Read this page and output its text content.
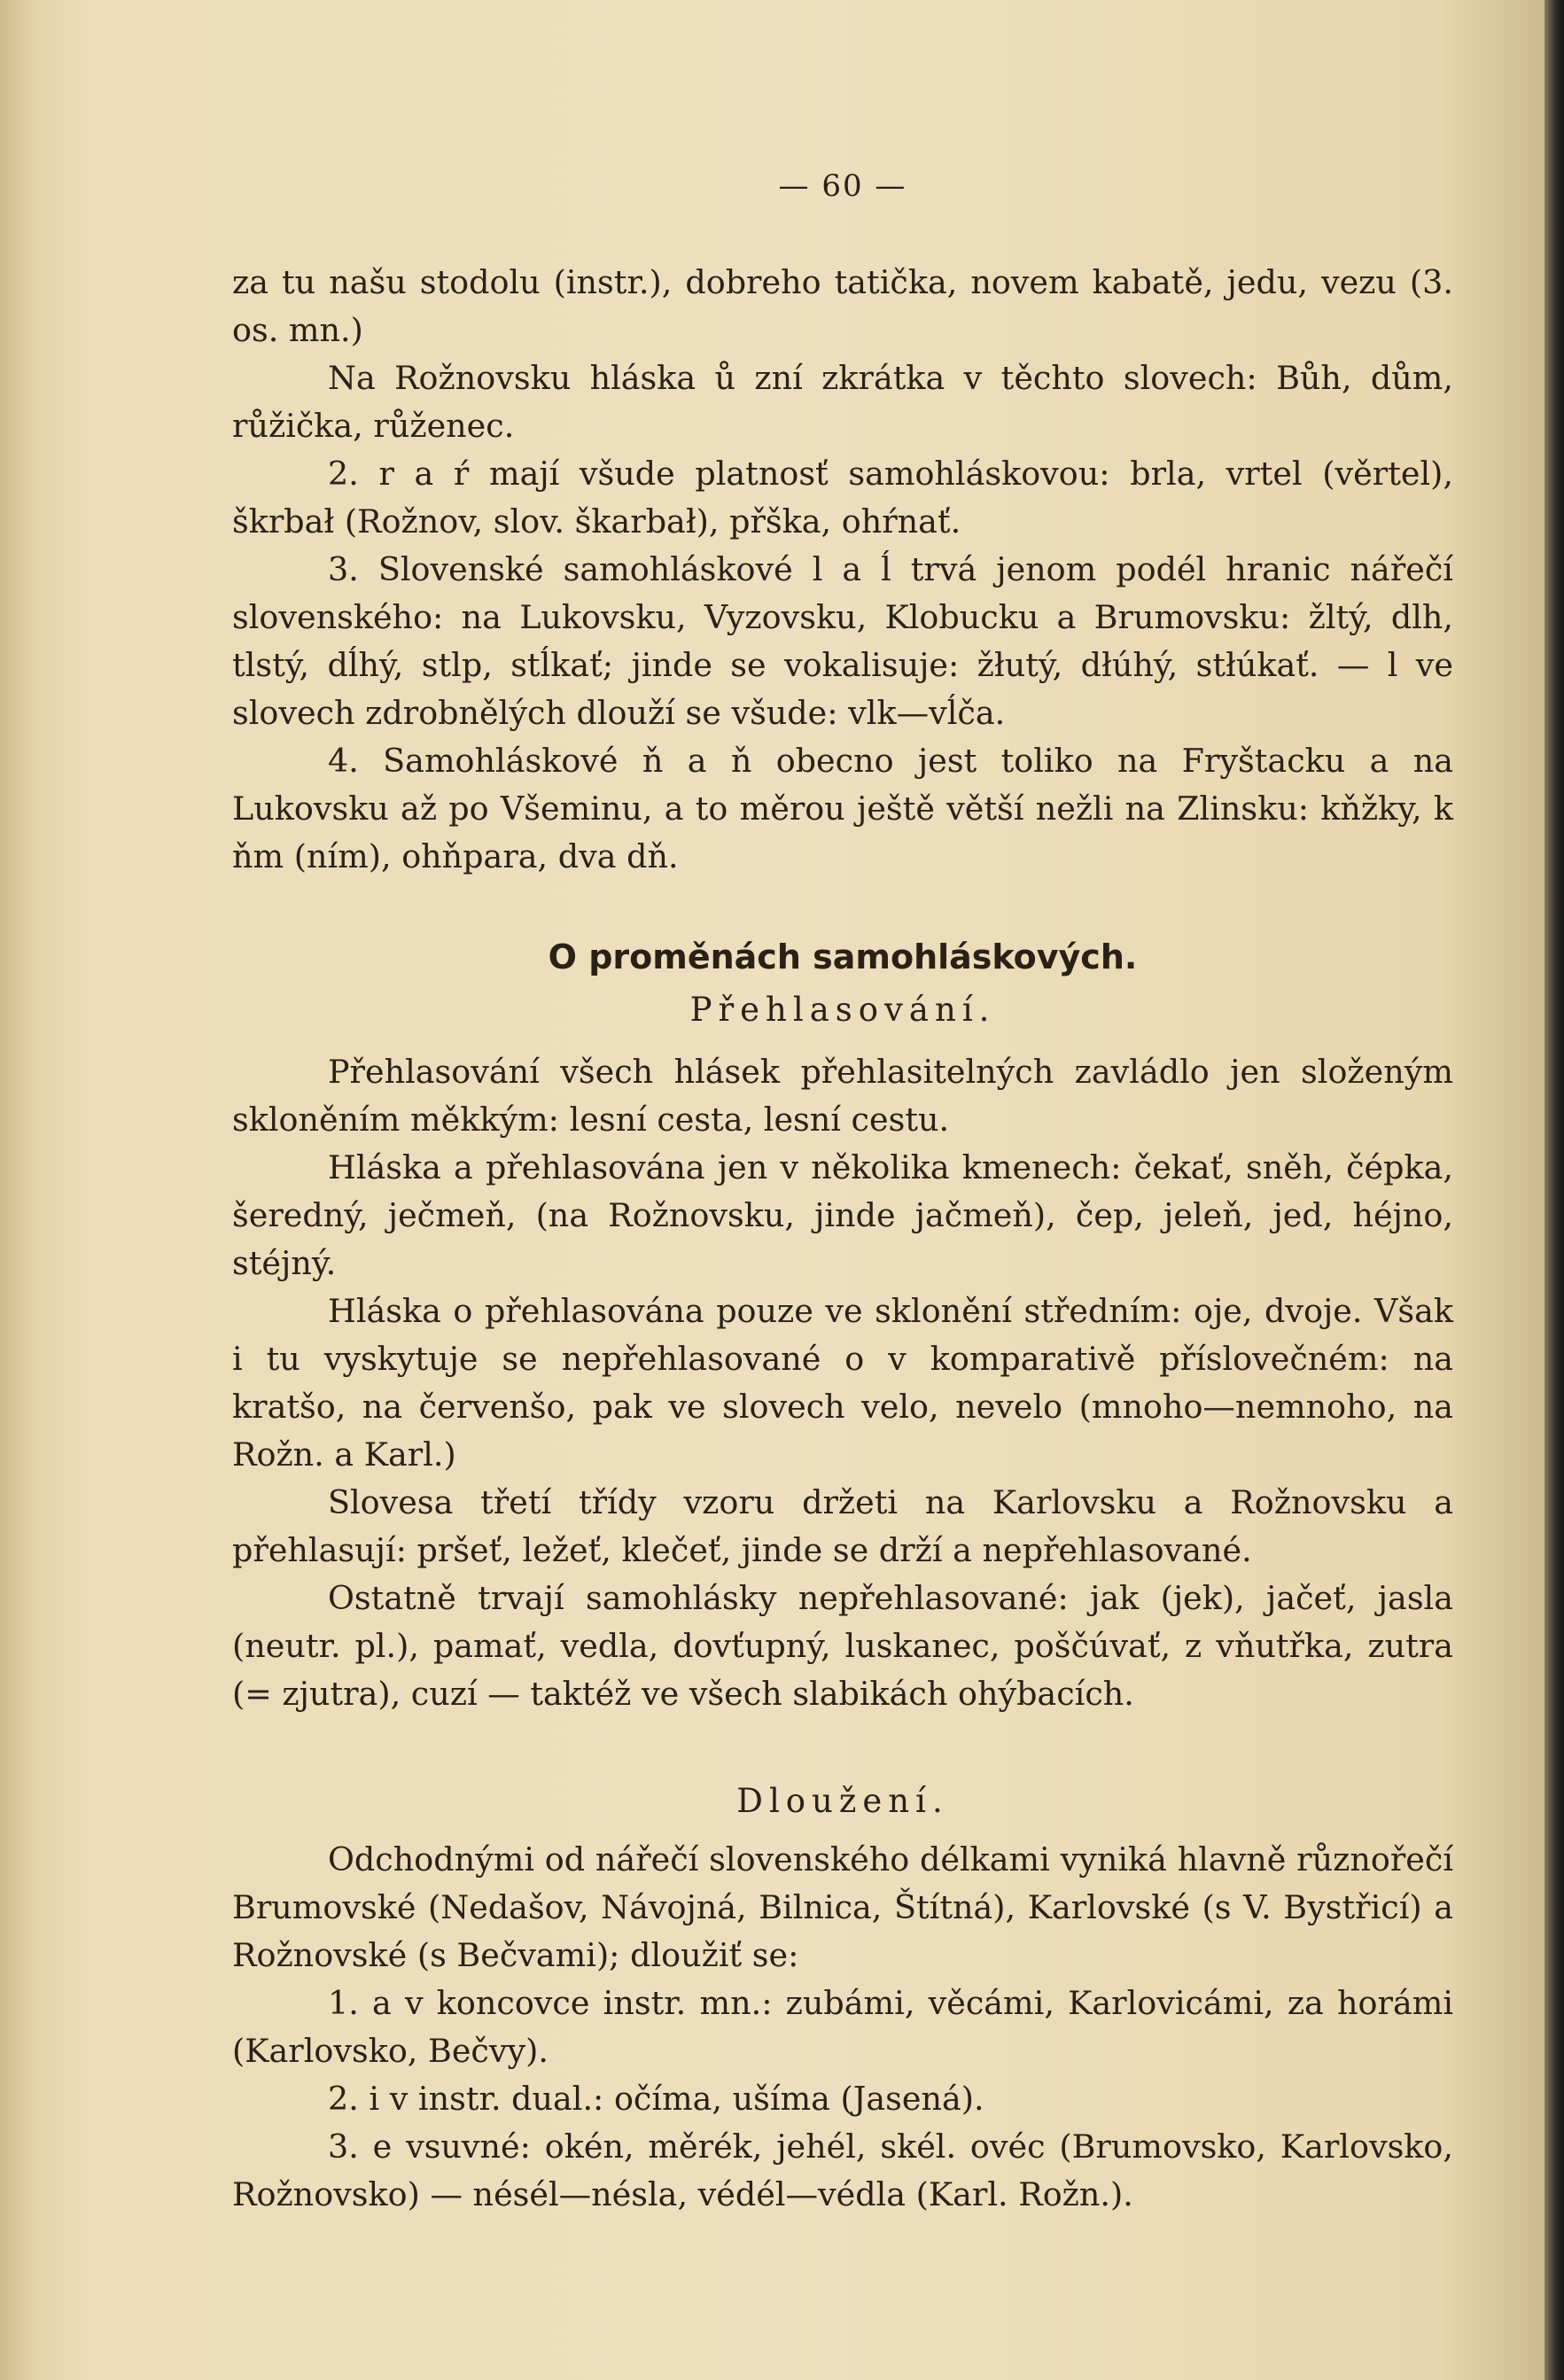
— 60 —

za tu našu stodolu (instr.), dobreho tatička, novem kabatě, jedu, vezu (3. os. mn.)

Na Rožnovsku hláska ů zní zkrátka v těchto slovech: Bůh, dům, růžička, růženec.

2. r a ŕ mají všude platnosť samohláskovou: brla, vrtel (věrtel), škrbał (Rožnov, slov. škarbał), přška, ohŕnať.

3. Slovenské samohláskové l a ĺ trvá jenom podél hranic nářečí slovenského: na Lukovsku, Vyzovsku, Klobucku a Brumovsku: žltý, dlh, tlstý, dĺhý, stlp, stĺkať; jinde se vokalisuje: žłutý, dłúhý, stłúkať. — l ve slovech zdrobnělých dlouží se všude: vlk—vĺča.

4. Samohláskové ň a ň obecno jest toliko na Fryštacku a na Lukovsku až po Všeminu, a to měrou ještě větší nežli na Zlinsku: kňžky, k ňm (ním), ohňpara, dva dň.

O proměnách samohláskových.
Přehlasování.

Přehlasování všech hlásek přehlasitelných zavládlo jen složeným skloněním měkkým: lesní cesta, lesní cestu.

Hláska a přehlasována jen v několika kmenech: čekať, sněh, čépka, šeredný, ječmeň, (na Rožnovsku, jinde jačmeň), čep, jeleň, jed, héjno, stéjný.

Hláska o přehlasována pouze ve sklonění středním: oje, dvoje. Však i tu vyskytuje se nepřehlasované o v komparativě příslovečném: na kratšo, na červenšo, pak ve slovech velo, nevelo (mnoho—nemnoho, na Rožn. a Karl.)

Slovesa třetí třídy vzoru držeti na Karlovsku a Rožnovsku a přehlasují: pršeť, ležeť, klečeť, jinde se drží a nepřehlasované.

Ostatně trvají samohlásky nepřehlasované: jak (jek), jačeť, jasla (neutr. pl.), pamať, vedla, dovťupný, luskanec, poščúvať, z vňutřka, zutra (= zjutra), cuzí — taktéž ve všech slabikách ohýbacích.

Dloužení.

Odchodnými od nářečí slovenského délkami vyniká hlavně různořečí Brumovské (Nedašov, Návojná, Bilnica, Štítná), Karlovské (s V. Bystřicí) a Rožnovské (s Bečvami); dloužiť se:

1. a v koncovce instr. mn.: zubámi, věcámi, Karlovicámi, za horámi (Karlovsko, Bečvy).

2. i v instr. dual.: očíma, ušíma (Jasená).

3. e vsuvné: okén, měrék, jehél, skél. ovéc (Brumovsko, Karlovsko, Rožnovsko) — nésél—nésla, védél—védla (Karl. Rožn.).
